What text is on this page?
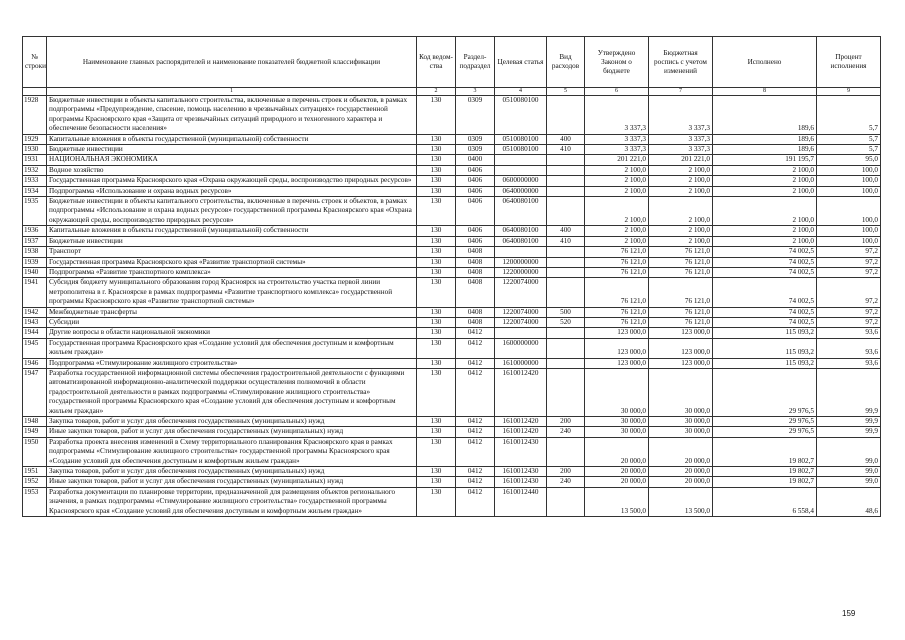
№ строки	Наименование главных распорядителей и наименование показателей бюджетной классификации	Код ведом-ства	Раздел-подраздел	Целевая статья	Вид расходов	Утверждено Законом о бюджете	Бюджетная роспись с учетом изменений	Исполнено	Процент исполнения
	1	2	3	4	5	6	7	8	9
1928	Бюджетные инвестиции в объекты капитального строительства, включенные в перечень строек и объектов, в рамках подпрограммы «Предупреждение, спасение, помощь населению в чрезвычайных ситуациях» государственной программы Красноярского края «Защита от чрезвычайных ситуаций природного и техногенного характера и обеспечение безопасности населения»	130	0309	0510080100		3 337,3	3 337,3	189,6	5,7
1929	Капитальные вложения в объекты государственной (муниципальной) собственности	130	0309	0510080100	400	3 337,3	3 337,3	189,6	5,7
1930	Бюджетные инвестиции	130	0309	0510080100	410	3 337,3	3 337,3	189,6	5,7
1931	НАЦИОНАЛЬНАЯ ЭКОНОМИКА	130	0400			201 221,0	201 221,0	191 195,7	95,0
1932	Водное хозяйство	130	0406			2 100,0	2 100,0	2 100,0	100,0
1933	Государственная программа Красноярского края «Охрана окружающей среды, воспроизводство природных ресурсов»	130	0406	0600000000		2 100,0	2 100,0	2 100,0	100,0
1934	Подпрограмма «Использование и охрана водных ресурсов»	130	0406	0640000000		2 100,0	2 100,0	2 100,0	100,0
1935	Бюджетные инвестиции в объекты капитального строительства, включенные в перечень строек и объектов, в рамках подпрограммы «Использование и охрана водных ресурсов» государственной программы Красноярского края «Охрана окружающей среды, воспроизводство природных ресурсов»	130	0406	0640080100		2 100,0	2 100,0	2 100,0	100,0
1936	Капитальные вложения в объекты государственной (муниципальной) собственности	130	0406	0640080100	400	2 100,0	2 100,0	2 100,0	100,0
1937	Бюджетные инвестиции	130	0406	0640080100	410	2 100,0	2 100,0	2 100,0	100,0
1938	Транспорт	130	0408			76 121,0	76 121,0	74 002,5	97,2
1939	Государственная программа Красноярского края «Развитие транспортной системы»	130	0408	1200000000		76 121,0	76 121,0	74 002,5	97,2
1940	Подпрограмма «Развитие транспортного комплекса»	130	0408	1220000000		76 121,0	76 121,0	74 002,5	97,2
1941	Субсидия бюджету муниципального образования город Красноярск на строительство участка первой линии метрополитена в г. Красноярске в рамках подпрограммы «Развитие транспортного комплекса» государственной программы Красноярского края «Развитие транспортной системы»	130	0408	1220074000		76 121,0	76 121,0	74 002,5	97,2
1942	Межбюджетные трансферты	130	0408	1220074000	500	76 121,0	76 121,0	74 002,5	97,2
1943	Субсидии	130	0408	1220074000	520	76 121,0	76 121,0	74 002,5	97,2
1944	Другие вопросы в области национальной экономики	130	0412			123 000,0	123 000,0	115 093,2	93,6
1945	Государственная программа Красноярского края «Создание условий для обеспечения доступным и комфортным жильем граждан»	130	0412	1600000000		123 000,0	123 000,0	115 093,2	93,6
1946	Подпрограмма «Стимулирование жилищного строительства»	130	0412	1610000000		123 000,0	123 000,0	115 093,2	93,6
1947	Разработка государственной информационной системы обеспечения градостроительной деятельности с функциями автоматизированной информационно-аналитической поддержки осуществления полномочий в области градостроительной деятельности в рамках подпрограммы «Стимулирование жилищного строительства» государственной программы Красноярского края «Создание условий для обеспечения доступным и комфортным жильем граждан»	130	0412	1610012420		30 000,0	30 000,0	29 976,5	99,9
1948	Закупка товаров, работ и услуг для обеспечения государственных (муниципальных) нужд	130	0412	1610012420	200	30 000,0	30 000,0	29 976,5	99,9
1949	Иные закупки товаров, работ и услуг для обеспечения государственных (муниципальных) нужд	130	0412	1610012420	240	30 000,0	30 000,0	29 976,5	99,9
1950	Разработка проекта внесения изменений в Схему территориального планирования Красноярского края в рамках подпрограммы «Стимулирование жилищного строительства» государственной программы Красноярского края «Создание условий для обеспечения доступным и комфортным жильем граждан»	130	0412	1610012430		20 000,0	20 000,0	19 802,7	99,0
1951	Закупка товаров, работ и услуг для обеспечения государственных (муниципальных) нужд	130	0412	1610012430	200	20 000,0	20 000,0	19 802,7	99,0
1952	Иные закупки товаров, работ и услуг для обеспечения государственных (муниципальных) нужд	130	0412	1610012430	240	20 000,0	20 000,0	19 802,7	99,0
1953	Разработка документации по планировке территории, предназначенной для размещения объектов регионального значения, в рамках подпрограммы «Стимулирование жилищного строительства» государственной программы Красноярского края «Создание условий для обеспечения доступным и комфортным жильем граждан»	130	0412	1610012440		13 500,0	13 500,0	6 558,4	48,6
159
